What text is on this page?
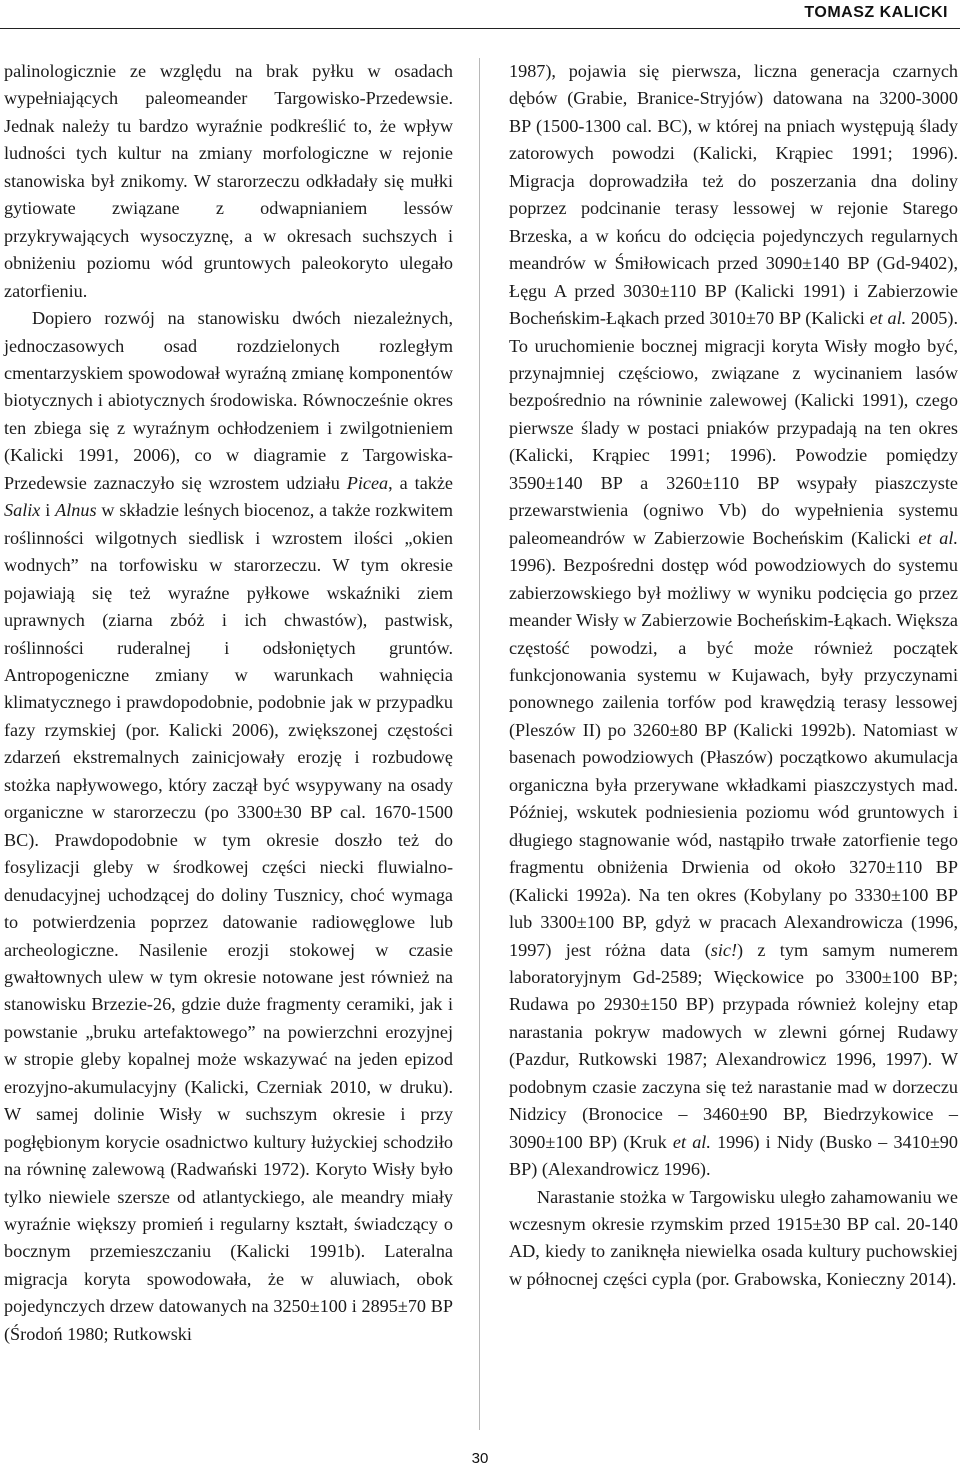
TOMASZ KALICKI

palinologicznie ze względu na brak pyłku w osadach wypełniających paleomeander Targowisko-Przedewsie. Jednak należy tu bardzo wyraźnie podkreślić to, że wpływ ludności tych kultur na zmiany morfologiczne w rejonie stanowiska był znikomy. W starorzeczu odkładały się mułki gytiowate związane z odwapnianiem lessów przykrywających wysoczyznę, a w okresach suchszych i obniżeniu poziomu wód gruntowych paleokoryto ulegało zatorfieniu.

Dopiero rozwój na stanowisku dwóch niezależnych, jednoczasowych osad rozdzielonych rozległym cmentarzyskiem spowodował wyraźną zmianę komponentów biotycznych i abiotycznych środowiska. Równocześnie okres ten zbiega się z wyraźnym ochłodzeniem i zwilgotnieniem (Kalicki 1991, 2006), co w diagramie z Targowiska-Przedewsie zaznaczyło się wzrostem udziału Picea, a także Salix i Alnus w składzie leśnych biocenoz, a także rozkwitem roślinności wilgotnych siedlisk i wzrostem ilości „okien wodnych” na torfowisku w starorzeczu. W tym okresie pojawiają się też wyraźne pyłkowe wskaźniki ziem uprawnych (ziarna zbóż i ich chwastów), pastwisk, roślinności ruderalnej i odsłoniętych gruntów. Antropogeniczne zmiany w warunkach wahnięcia klimatycznego i prawdopodobnie, podobnie jak w przypadku fazy rzymskiej (por. Kalicki 2006), zwiększonej częstości zdarzeń ekstremalnych zainicjowały erozję i rozbudowę stożka napływowego, który zaczął być wsypywany na osady organiczne w starorzeczu (po 3300±30 BP cal. 1670-1500 BC). Prawdopodobnie w tym okresie doszło też do fosylizacji gleby w środkowej części niecki fluwialno-denudacyjnej uchodzącej do doliny Tusznicy, choć wymaga to potwierdzenia poprzez datowanie radiowęglowe lub archeologiczne. Nasilenie erozji stokowej w czasie gwałtownych ulew w tym okresie notowane jest również na stanowisku Brzezie-26, gdzie duże fragmenty ceramiki, jak i powstanie „bruku artefaktowego” na powierzchni erozyjnej w stropie gleby kopalnej może wskazywać na jeden epizod erozyjno-akumulacyjny (Kalicki, Czerniak 2010, w druku). W samej dolinie Wisły w suchszym okresie i przy pogłębionym korycie osadnictwo kultury łużyckiej schodziło na równinę zalewową (Radwański 1972). Koryto Wisły było tylko niewiele szersze od atlantyckiego, ale meandry miały wyraźnie większy promień i regularny kształt, świadczący o bocznym przemieszczaniu (Kalicki 1991b). Lateralna migracja koryta spowodowała, że w aluwiach, obok pojedynczych drzew datowanych na 3250±100 i 2895±70 BP (Środoń 1980; Rutkowski

1987), pojawia się pierwsza, liczna generacja czarnych dębów (Grabie, Branice-Stryjów) datowana na 3200-3000 BP (1500-1300 cal. BC), w której na pniach występują ślady zatorowych powodzi (Kalicki, Krąpiec 1991; 1996). Migracja doprowadziła też do poszerzania dna doliny poprzez podcinanie terasy lessowej w rejonie Starego Brzeska, a w końcu do odcięcia pojedynczych regularnych meandrów w Śmiłowicach przed 3090±140 BP (Gd-9402), Łęgu A przed 3030±110 BP (Kalicki 1991) i Zabierzowie Bocheńskim-Łąkach przed 3010±70 BP (Kalicki et al. 2005). To uruchomienie bocznej migracji koryta Wisły mogło być, przynajmniej częściowo, związane z wycinaniem lasów bezpośrednio na równinie zalewowej (Kalicki 1991), czego pierwsze ślady w postaci pniaków przypadają na ten okres (Kalicki, Krąpiec 1991; 1996). Powodzie pomiędzy 3590±140 BP a 3260±110 BP wsypały piaszczyste przewarstwienia (ogniwo Vb) do wypełnienia systemu paleomeandrów w Zabierzowie Bocheńskim (Kalicki et al. 1996). Bezpośredni dostęp wód powodziowych do systemu zabierzowskiego był możliwy w wyniku podcięcia go przez meander Wisły w Zabierzowie Bocheńskim-Łąkach. Większa częstość powodzi, a być może również początek funkcjonowania systemu w Kujawach, były przyczynami ponownego zailenia torfów pod krawędzią terasy lessowej (Pleszów II) po 3260±80 BP (Kalicki 1992b). Natomiast w basenach powodziowych (Płaszów) początkowo akumulacja organiczna była przerywane wkładkami piaszczystych mad. Później, wskutek podniesienia poziomu wód gruntowych i długiego stagnowanie wód, nastąpiło trwałe zatorfienie tego fragmentu obniżenia Drwienia od około 3270±110 BP (Kalicki 1992a). Na ten okres (Kobylany po 3330±100 BP lub 3300±100 BP, gdyż w pracach Alexandrowicza (1996, 1997) jest różna data (sic!) z tym samym numerem laboratoryjnym Gd-2589; Więckowice po 3300±100 BP; Rudawa po 2930±150 BP) przypada również kolejny etap narastania pokryw madowych w zlewni górnej Rudawy (Pazdur, Rutkowski 1987; Alexandrowicz 1996, 1997). W podobnym czasie zaczyna się też narastanie mad w dorzeczu Nidzicy (Bronocice – 3460±90 BP, Biedrzykowice – 3090±100 BP) (Kruk et al. 1996) i Nidy (Busko – 3410±90 BP) (Alexandrowicz 1996).

Narastanie stożka w Targowisku uległo zahamowaniu we wczesnym okresie rzymskim przed 1915±30 BP cal. 20-140 AD, kiedy to zaniknęła niewielka osada kultury puchowskiej w północnej części cypla (por. Grabowska, Konieczny 2014).

30
